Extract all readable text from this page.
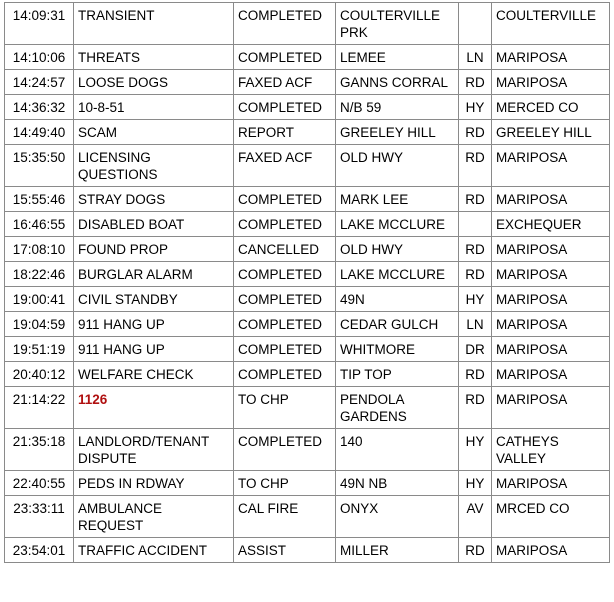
14:09:31	TRANSIENT	COMPLETED	COULTERVILLE PRK		COULTERVILLE
14:10:06	THREATS	COMPLETED	LEMEE	LN	MARIPOSA
14:24:57	LOOSE DOGS	FAXED ACF	GANNS CORRAL	RD	MARIPOSA
14:36:32	10-8-51	COMPLETED	N/B 59	HY	MERCED CO
14:49:40	SCAM	REPORT	GREELEY HILL	RD	GREELEY HILL
15:35:50	LICENSING QUESTIONS	FAXED ACF	OLD HWY	RD	MARIPOSA
15:55:46	STRAY DOGS	COMPLETED	MARK LEE	RD	MARIPOSA
16:46:55	DISABLED BOAT	COMPLETED	LAKE MCCLURE		EXCHEQUER
17:08:10	FOUND PROP	CANCELLED	OLD HWY	RD	MARIPOSA
18:22:46	BURGLAR ALARM	COMPLETED	LAKE MCCLURE	RD	MARIPOSA
19:00:41	CIVIL STANDBY	COMPLETED	49N	HY	MARIPOSA
19:04:59	911 HANG UP	COMPLETED	CEDAR GULCH	LN	MARIPOSA
19:51:19	911 HANG UP	COMPLETED	WHITMORE	DR	MARIPOSA
20:40:12	WELFARE CHECK	COMPLETED	TIP TOP	RD	MARIPOSA
21:14:22	1126	TO CHP	PENDOLA GARDENS	RD	MARIPOSA
21:35:18	LANDLORD/TENANT DISPUTE	COMPLETED	140	HY	CATHEYS VALLEY
22:40:55	PEDS IN RDWAY	TO CHP	49N NB	HY	MARIPOSA
23:33:11	AMBULANCE REQUEST	CAL FIRE	ONYX	AV	MRCED CO
23:54:01	TRAFFIC ACCIDENT	ASSIST	MILLER	RD	MARIPOSA
